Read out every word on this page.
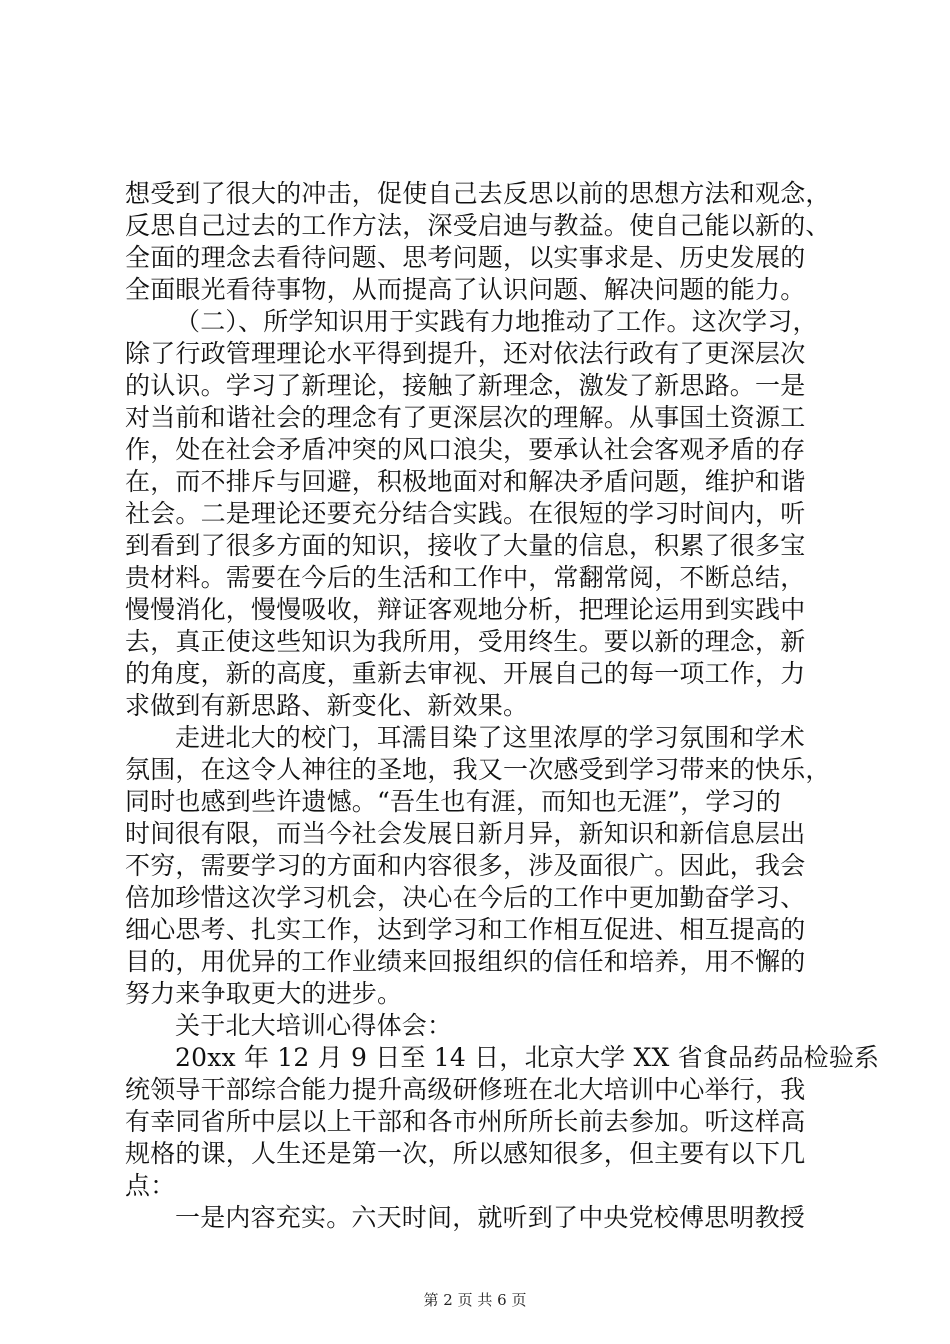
想受到了很大的冲击，促使自己去反思以前的思想方法和观念，
反思自己过去的工作方法，深受启迪与教益。使自己能以新的、
全面的理念去看待问题、思考问题，以实事求是、历史发展的
全面眼光看待事物，从而提高了认识问题、解决问题的能力。
（二）、所学知识用于实践有力地推动了工作。这次学习，
除了行政管理理论水平得到提升，还对依法行政有了更深层次
的认识。学习了新理论，接触了新理念，激发了新思路。一是
对当前和谐社会的理念有了更深层次的理解。从事国土资源工
作，处在社会矛盾冲突的风口浪尖，要承认社会客观矛盾的存
在，而不排斥与回避，积极地面对和解决矛盾问题，维护和谐
社会。二是理论还要充分结合实践。在很短的学习时间内，听
到看到了很多方面的知识，接收了大量的信息，积累了很多宝
贵材料。需要在今后的生活和工作中，常翻常阅，不断总结，
慢慢消化，慢慢吸收，辩证客观地分析，把理论运用到实践中
去，真正使这些知识为我所用，受用终生。要以新的理念，新
的角度，新的高度，重新去审视、开展自己的每一项工作，力
求做到有新思路、新变化、新效果。
走进北大的校门，耳濡目染了这里浓厚的学习氛围和学术
氛围，在这令人神往的圣地，我又一次感受到学习带来的快乐，
同时也感到些许遗憾。“吾生也有涯，而知也无涯”，学习的
时间很有限，而当今社会发展日新月异，新知识和新信息层出
不穷，需要学习的方面和内容很多，涉及面很广。因此，我会
倍加珍惜这次学习机会，决心在今后的工作中更加勤奋学习、
细心思考、扎实工作，达到学习和工作相互促进、相互提高的
目的，用优异的工作业绩来回报组织的信任和培养，用不懈的
努力来争取更大的进步。
关于北大培训心得体会：
20xx 年 12 月 9 日至 14 日，北京大学 XX 省食品药品检验系
统领导干部综合能力提升高级研修班在北大培训中心举行，我
有幸同省所中层以上干部和各市州所所长前去参加。听这样高
规格的课，人生还是第一次，所以感知很多，但主要有以下几
点：
一是内容充实。六天时间，就听到了中央党校傅思明教授
第 2 页 共 6 页
